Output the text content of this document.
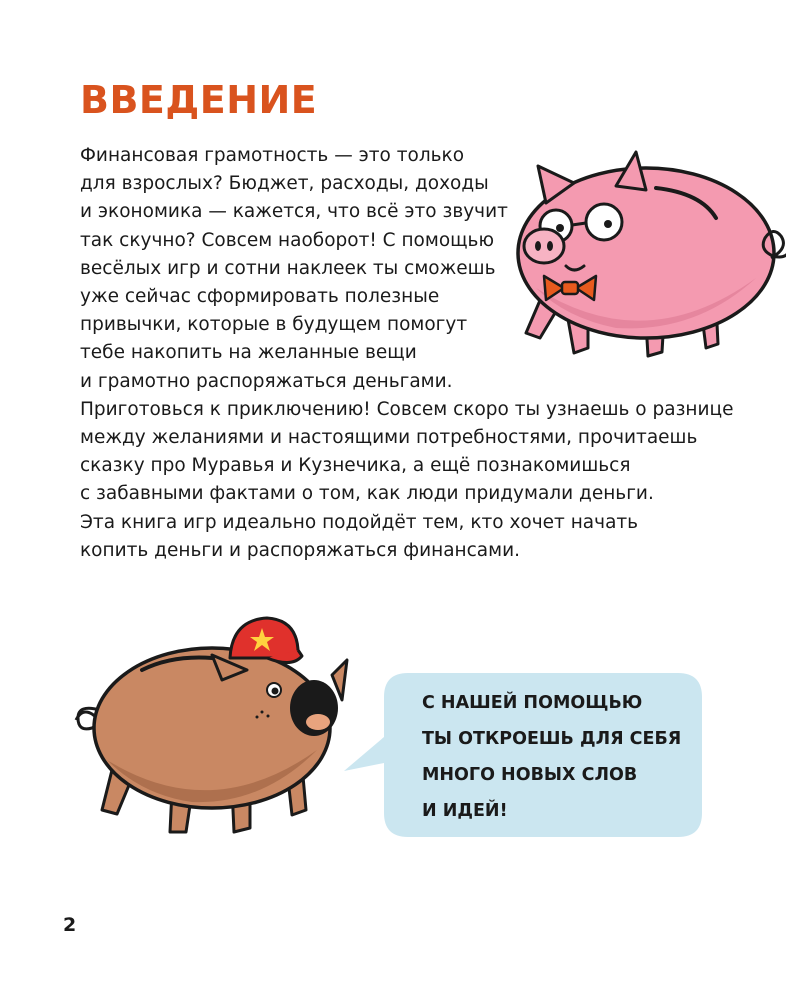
ВВЕДЕНИЕ
Финансовая грамотность — это только
для взрослых? Бюджет, расходы, доходы
и экономика — кажется, что всё это звучит
так скучно? Совсем наоборот! С помощью
весёлых игр и сотни наклеек ты сможешь
уже сейчас сформировать полезные
привычки, которые в будущем помогут
тебе накопить на желанные вещи
и грамотно распоряжаться деньгами.
Приготовься к приключению! Совсем скоро ты узнаешь о разнице
между желаниями и настоящими потребностями, прочитаешь
сказку про Муравья и Кузнечика, а ещё познакомишься
с забавными фактами о том, как люди придумали деньги.
Эта книга игр идеально подойдёт тем, кто хочет начать
копить деньги и распоряжаться финансами.
С НАШЕЙ ПОМОЩЬЮ
ТЫ ОТКРОЕШЬ ДЛЯ СЕБЯ
МНОГО НОВЫХ СЛОВ
И ИДЕЙ!
2
